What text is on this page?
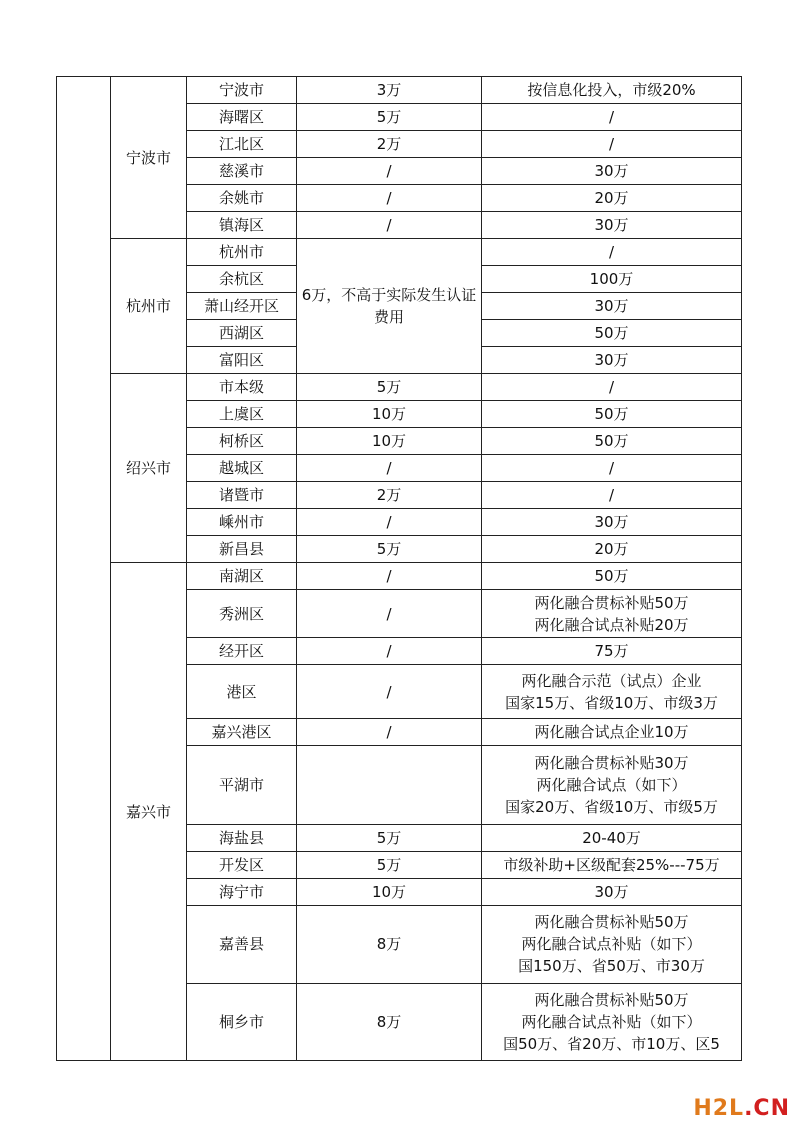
	宁波市	宁波市	3万	按信息化投入，市级20%
		海曙区	5万	/
		江北区	2万	/
		慈溪市	/	30万
		余姚市	/	20万
		镇海区	/	30万
	杭州市	杭州市	6万，不高于实际发生认证费用	/
		余杭区		100万
		萧山经开区		30万
		西湖区		50万
		富阳区		30万
	绍兴市	市本级	5万	/
		上虞区	10万	50万
		柯桥区	10万	50万
		越城区	/	/
		诸暨市	2万	/
		嵊州市	/	30万
		新昌县	5万	20万
	嘉兴市	南湖区	/	50万
		秀洲区	/	两化融合贯标补贴50万
两化融合试点补贴20万

		经开区	/	75万
		港区	/	两化融合示范（试点）企业
国家15万、省级10万、市级3万

		嘉兴港区	/	两化融合试点企业10万
		平湖市		两化融合贯标补贴30万
两化融合试点（如下）
国家20万、省级10万、市级5万

		海盐县	5万	20-40万
		开发区	5万	市级补助+区级配套25%---75万
		海宁市	10万	30万
		嘉善县	8万	两化融合贯标补贴50万
两化融合试点补贴（如下）
国150万、省50万、市30万

		桐乡市	8万	两化融合贯标补贴50万
两化融合试点补贴（如下）
国50万、省20万、市10万、区5
H2L.CN
